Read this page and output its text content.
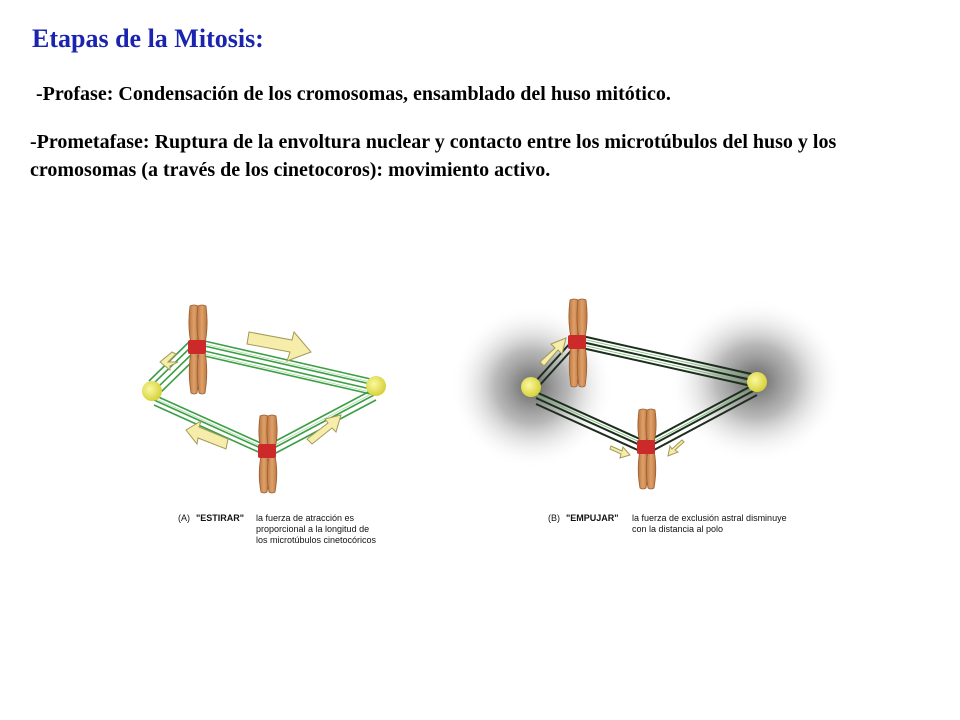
Etapas de la Mitosis:

-Profase: Condensación de los cromosomas, ensamblado del huso mitótico.

-Prometafase: Ruptura de la envoltura nuclear y contacto entre los microtúbulos del huso y los cromosomas (a través de los cinetocoros): movimiento activo.

(A) "ESTIRAR" la fuerza de atracción es
proporcional a la longitud de
los microtúbulos cinetocóricos
(B) "EMPUJAR" la fuerza de exclusión astral disminuye
con la distancia al polo
